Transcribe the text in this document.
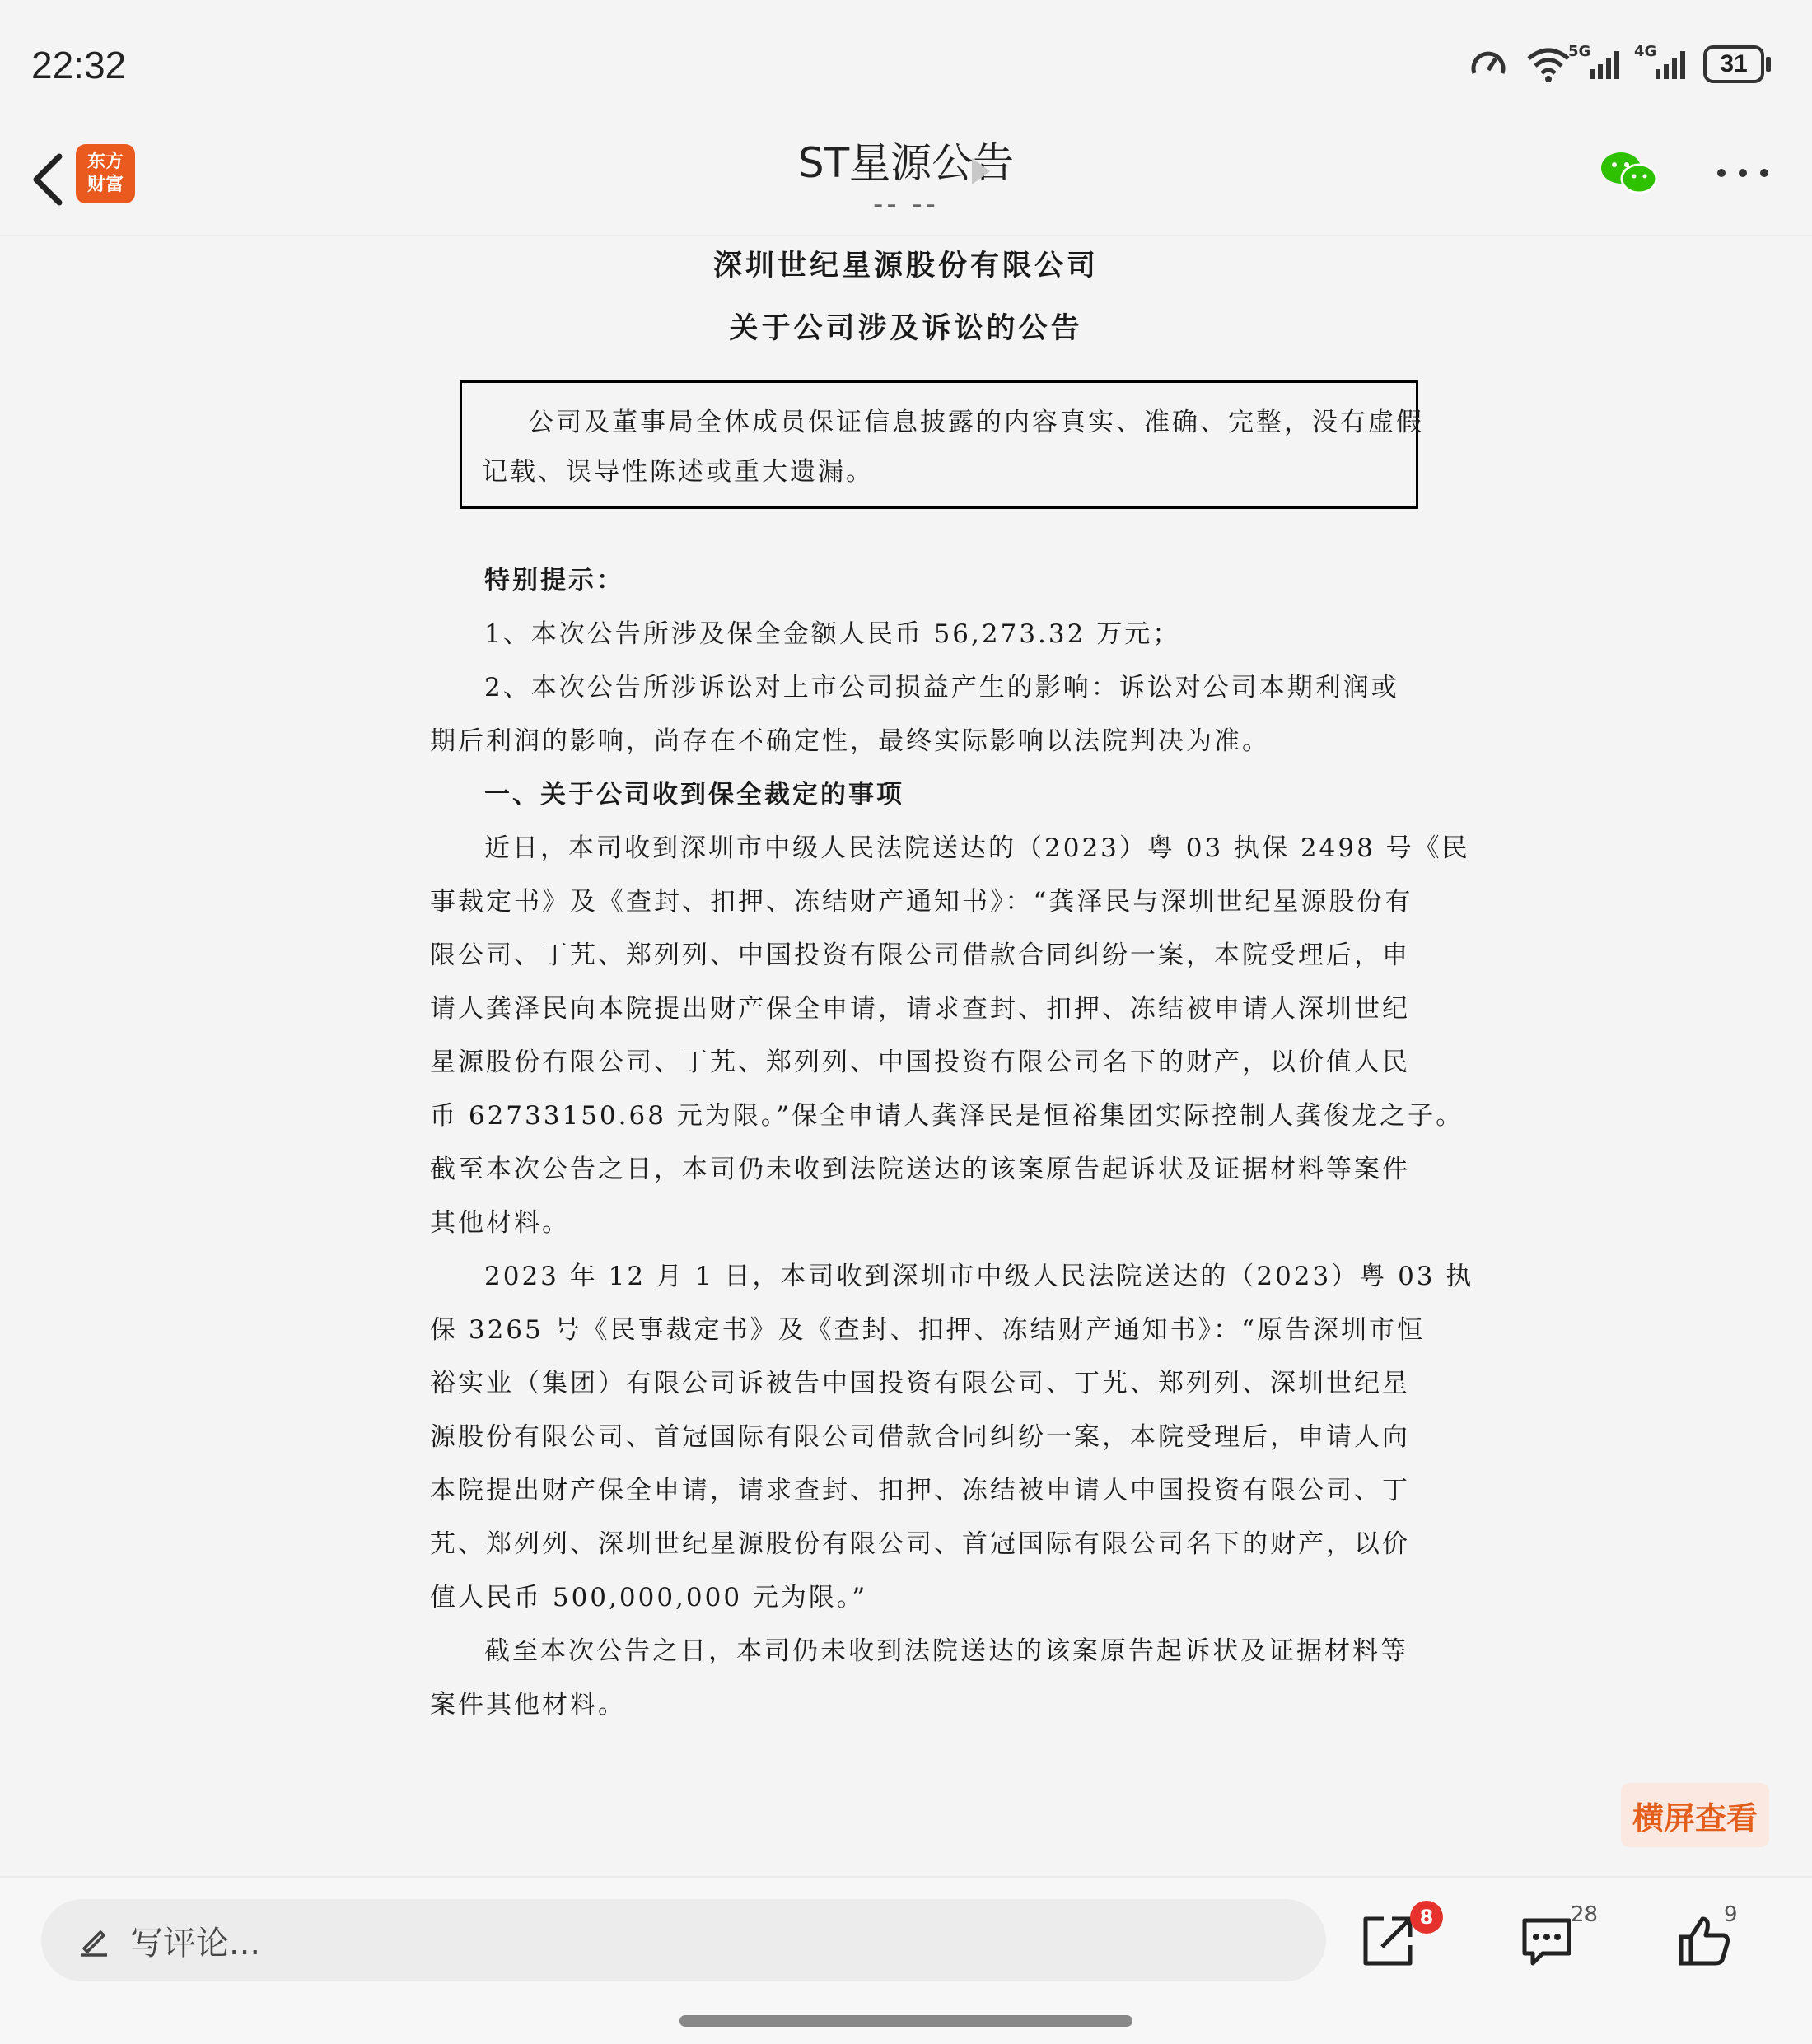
22:32	5G	4G	31
东方
财富	ST星源公告
-- --
深圳世纪星源股份有限公司
关于公司涉及诉讼的公告
公司及董事局全体成员保证信息披露的内容真实、准确、完整，没有虚假
记载、误导性陈述或重大遗漏。
特别提示：
1、本次公告所涉及保全金额人民币 56,273.32 万元；
2、本次公告所涉诉讼对上市公司损益产生的影响：诉讼对公司本期利润或
期后利润的影响，尚存在不确定性，最终实际影响以法院判决为准。
一、关于公司收到保全裁定的事项
近日，本司收到深圳市中级人民法院送达的（2023）粤 03 执保 2498 号《民
事裁定书》及《查封、扣押、冻结财产通知书》：“龚泽民与深圳世纪星源股份有
限公司、丁艽、郑列列、中国投资有限公司借款合同纠纷一案，本院受理后，申
请人龚泽民向本院提出财产保全申请，请求查封、扣押、冻结被申请人深圳世纪
星源股份有限公司、丁艽、郑列列、中国投资有限公司名下的财产，以价值人民
币 62733150.68 元为限。”保全申请人龚泽民是恒裕集团实际控制人龚俊龙之子。
截至本次公告之日，本司仍未收到法院送达的该案原告起诉状及证据材料等案件
其他材料。
2023 年 12 月 1 日，本司收到深圳市中级人民法院送达的（2023）粤 03 执
保 3265 号《民事裁定书》及《查封、扣押、冻结财产通知书》：“原告深圳市恒
裕实业（集团）有限公司诉被告中国投资有限公司、丁艽、郑列列、深圳世纪星
源股份有限公司、首冠国际有限公司借款合同纠纷一案，本院受理后，申请人向
本院提出财产保全申请，请求查封、扣押、冻结被申请人中国投资有限公司、丁
艽、郑列列、深圳世纪星源股份有限公司、首冠国际有限公司名下的财产，以价
值人民币 500,000,000 元为限。”
截至本次公告之日，本司仍未收到法院送达的该案原告起诉状及证据材料等
案件其他材料。
横屏查看
写评论...
8	28	9
